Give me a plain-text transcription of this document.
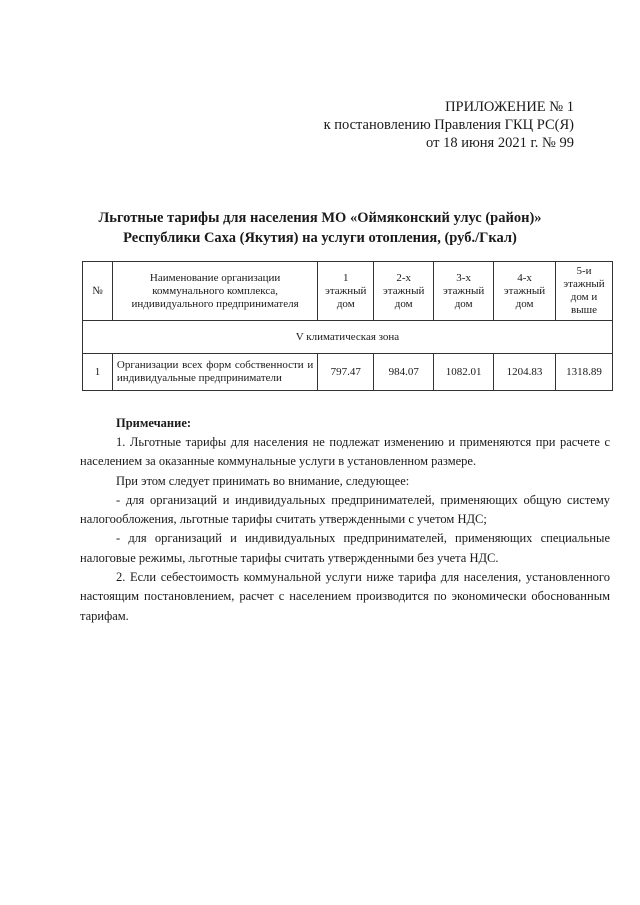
ПРИЛОЖЕНИЕ № 1
к постановлению Правления ГКЦ РС(Я)
от 18 июня 2021 г. № 99
Льготные тарифы для населения МО «Оймяконский улус (район)»
Республики Саха (Якутия) на услуги отопления, (руб./Гкал)
№	Наименование организации коммунального комплекса, индивидуального предпринимателя	1 этажный дом	2-х этажный дом	3-х этажный дом	4-х этажный дом	5-и этажный дом и выше
V климатическая зона						
1	Организации всех форм собственности и индивидуальные предприниматели	797.47	984.07	1082.01	1204.83	1318.89

Примечание:

1. Льготные тарифы для населения не подлежат изменению и применяются при расчете с населением за оказанные коммунальные услуги в установленном размере.

При этом следует принимать во внимание, следующее:

- для организаций и индивидуальных предпринимателей, применяющих общую систему налогообложения, льготные тарифы считать утвержденными с учетом НДС;

- для организаций и индивидуальных предпринимателей, применяющих специальные налоговые режимы, льготные тарифы считать утвержденными без учета НДС.

2. Если себестоимость коммунальной услуги ниже тарифа для населения, установленного настоящим постановлением, расчет с населением производится по экономически обоснованным тарифам.
